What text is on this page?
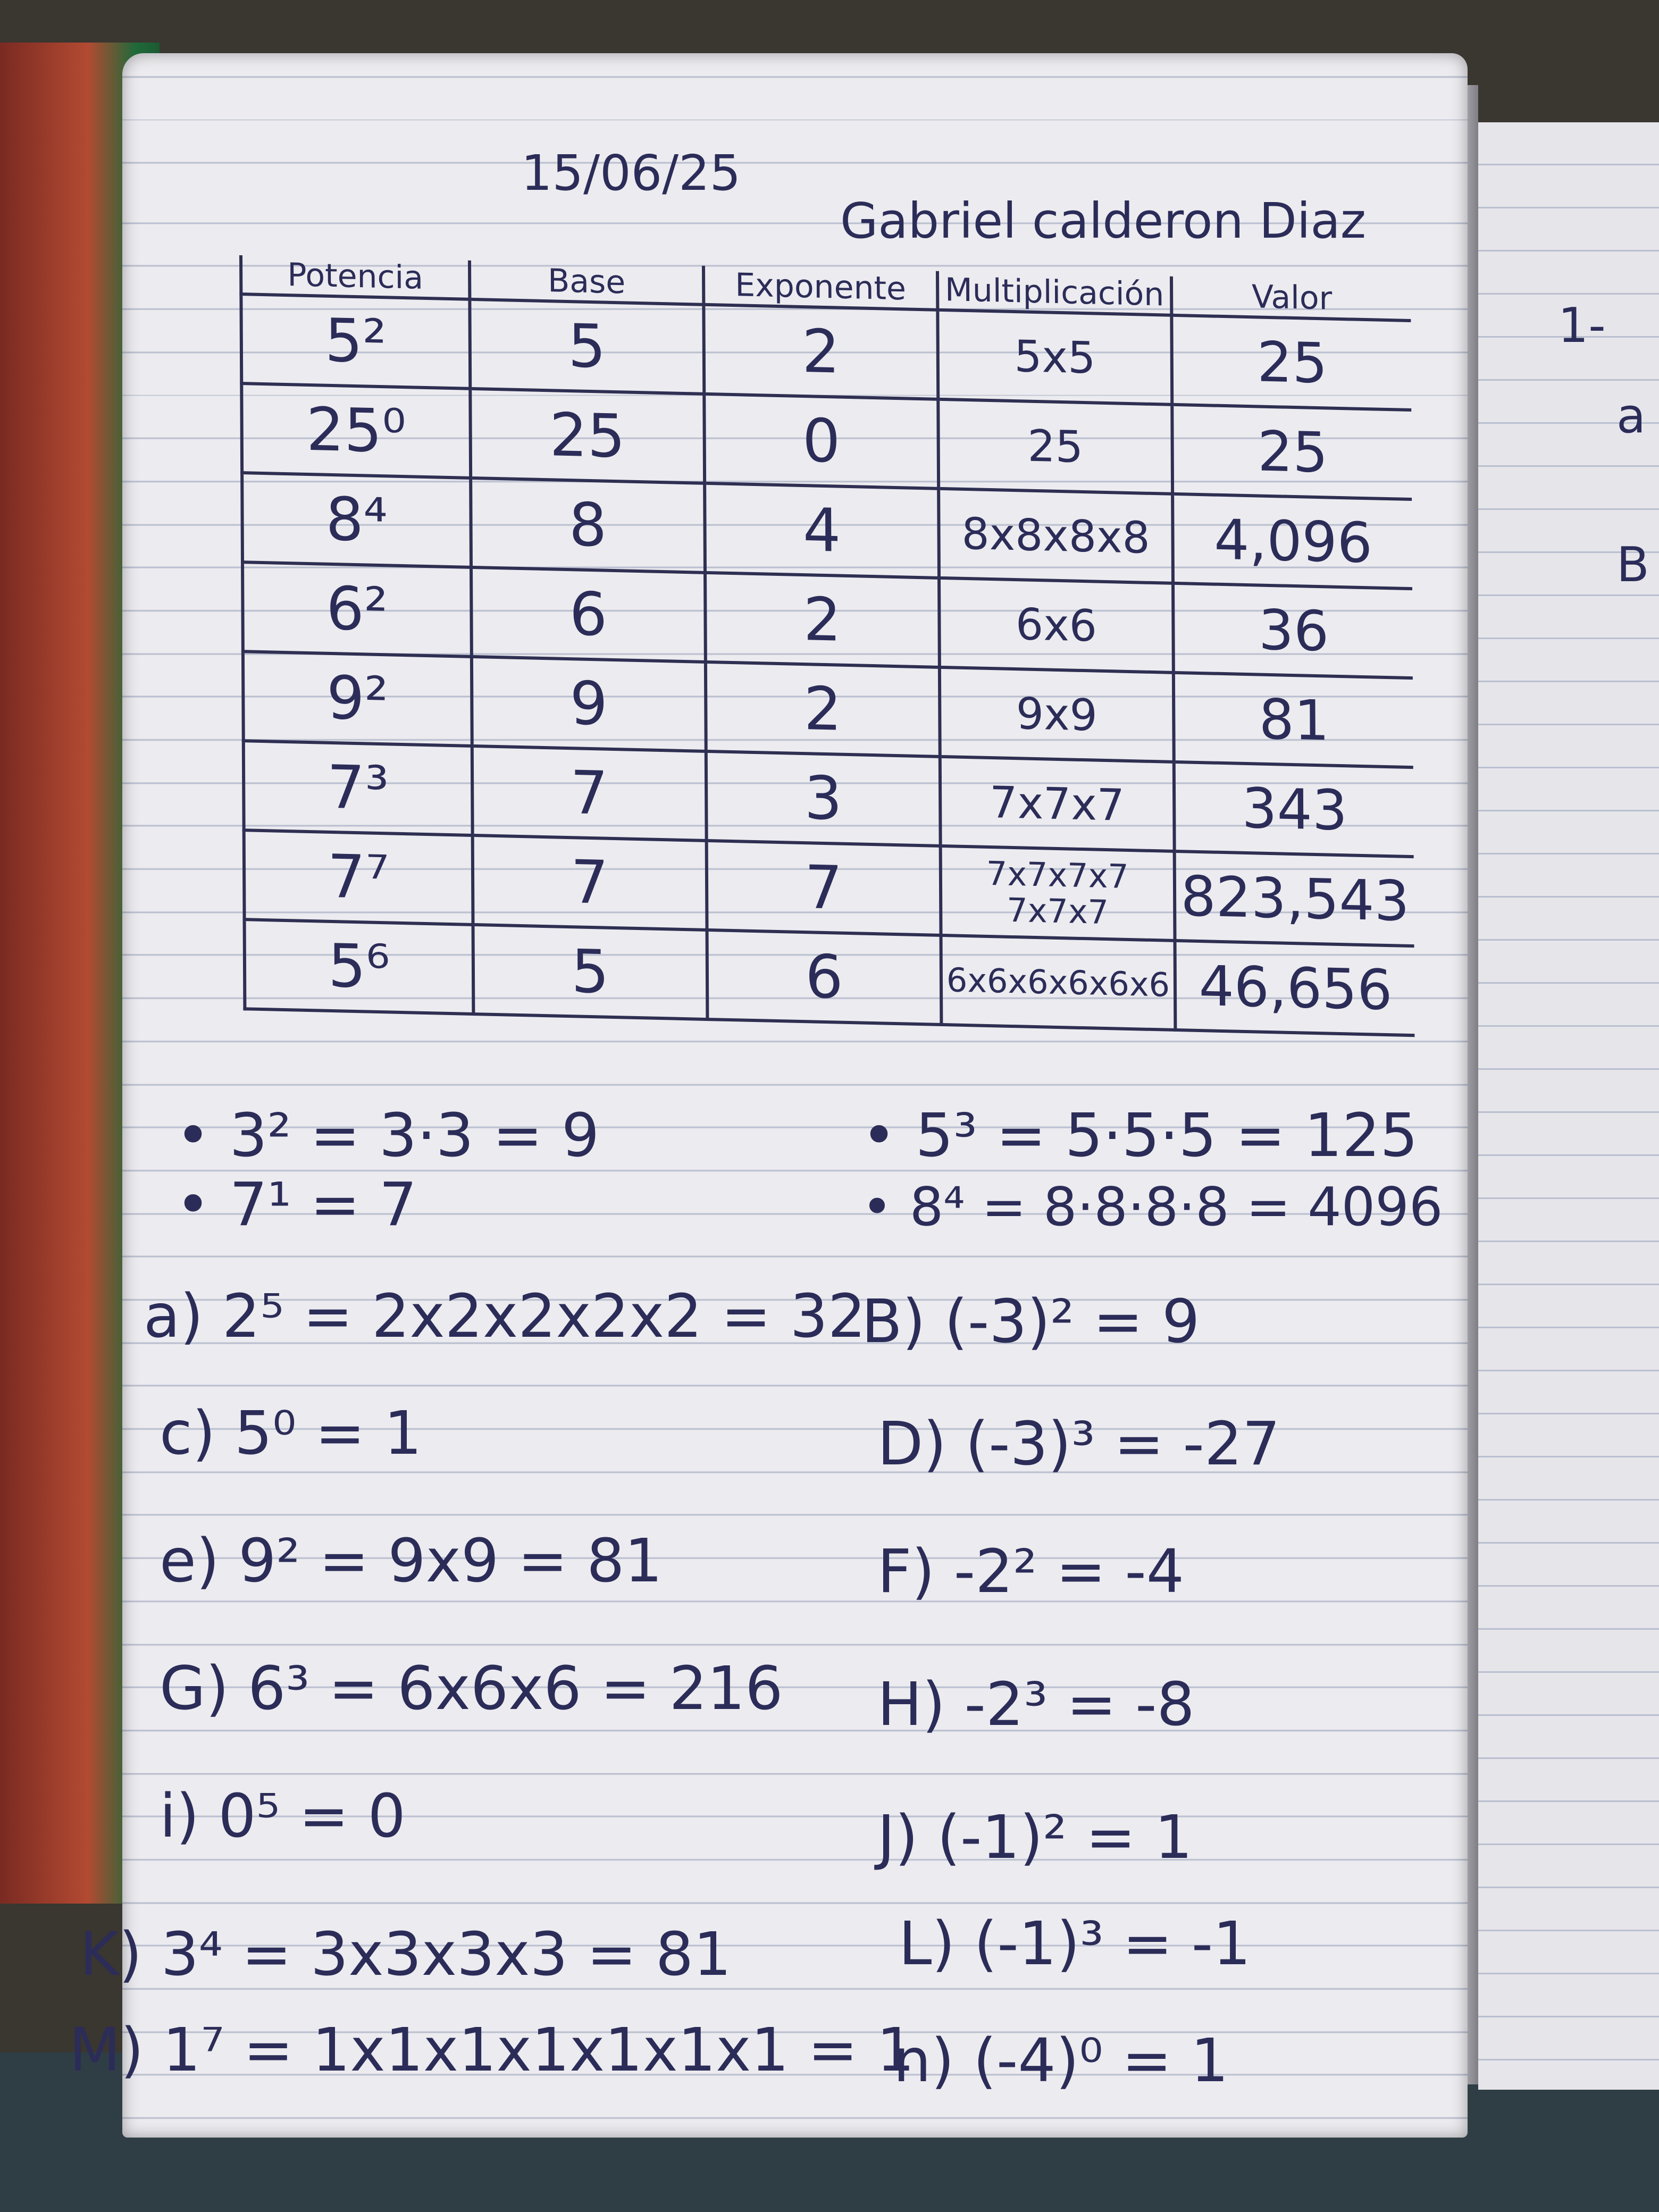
1-
a
B
15/06/25
Gabriel calderon Diaz
Potencia	Base	Exponente	Multiplicación	Valor
5²	5	2	5x5	25
25⁰	25	0	25	25
8⁴	8	4	8x8x8x8	4,096
6²	6	2	6x6	36
9²	9	2	9x9	81
7³	7	3	7x7x7	343
7⁷	7	7	7x7x7x7 7x7x7	823,543
5⁶	5	6	6x6x6x6x6x6	46,656
• 3² = 3·3 = 9
• 7¹ = 7
• 5³ = 5·5·5 = 125
• 8⁴ = 8·8·8·8 = 4096
a) 2⁵ = 2x2x2x2x2 = 32
c) 5⁰ = 1
e) 9² = 9x9 = 81
G) 6³ = 6x6x6 = 216
i) 0⁵ = 0
K) 3⁴ = 3x3x3x3 = 81
M) 1⁷ = 1x1x1x1x1x1x1 = 1
B) (-3)² = 9
D) (-3)³ = -27
F) -2² = -4
H) -2³ = -8
J) (-1)² = 1
L) (-1)³ = -1
n) (-4)⁰ = 1
